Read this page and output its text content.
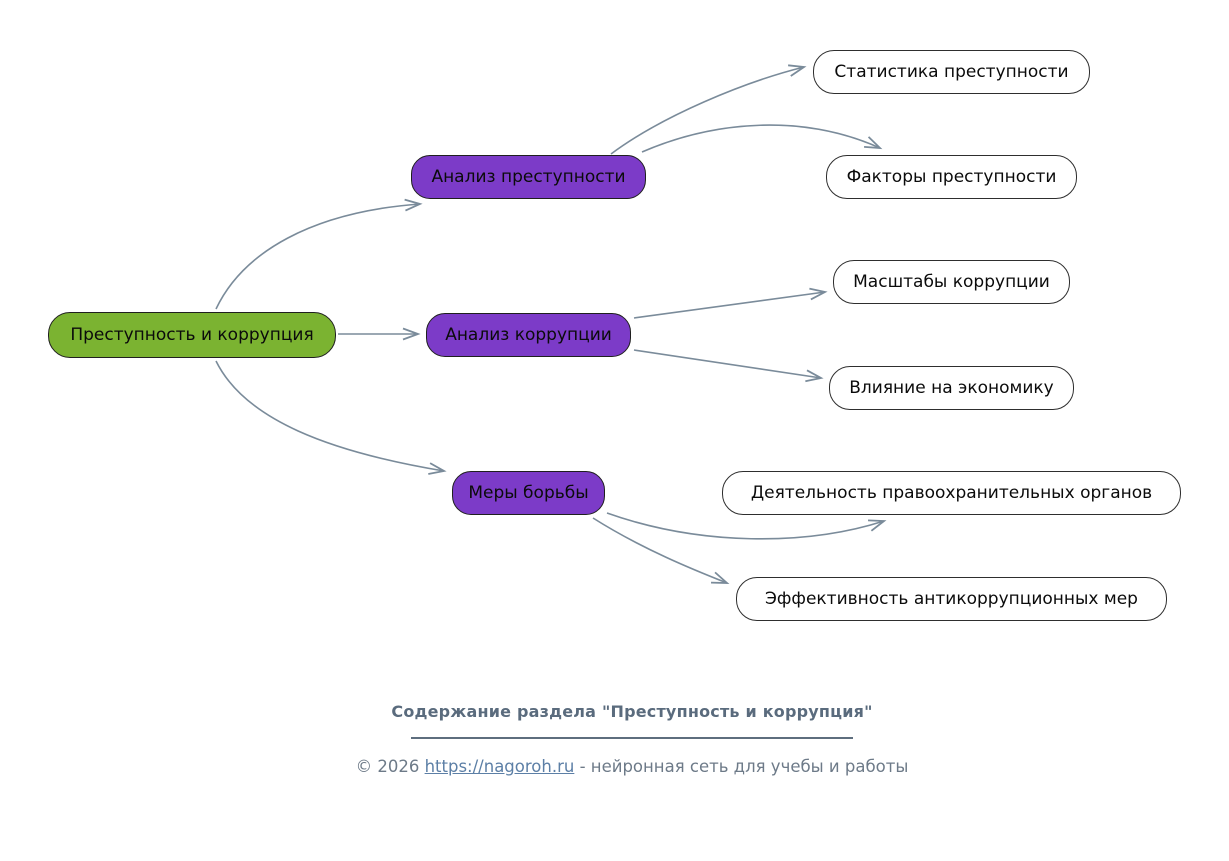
Преступность и коррупция
Анализ преступности
Анализ коррупции
Меры борьбы
Статистика преступности
Факторы преступности
Масштабы коррупции
Влияние на экономику
Деятельность правоохранительных органов
Эффективность антикоррупционных мер
Содержание раздела "Преступность и коррупция"
© 2026 https://nagoroh.ru - нейронная сеть для учебы и работы
